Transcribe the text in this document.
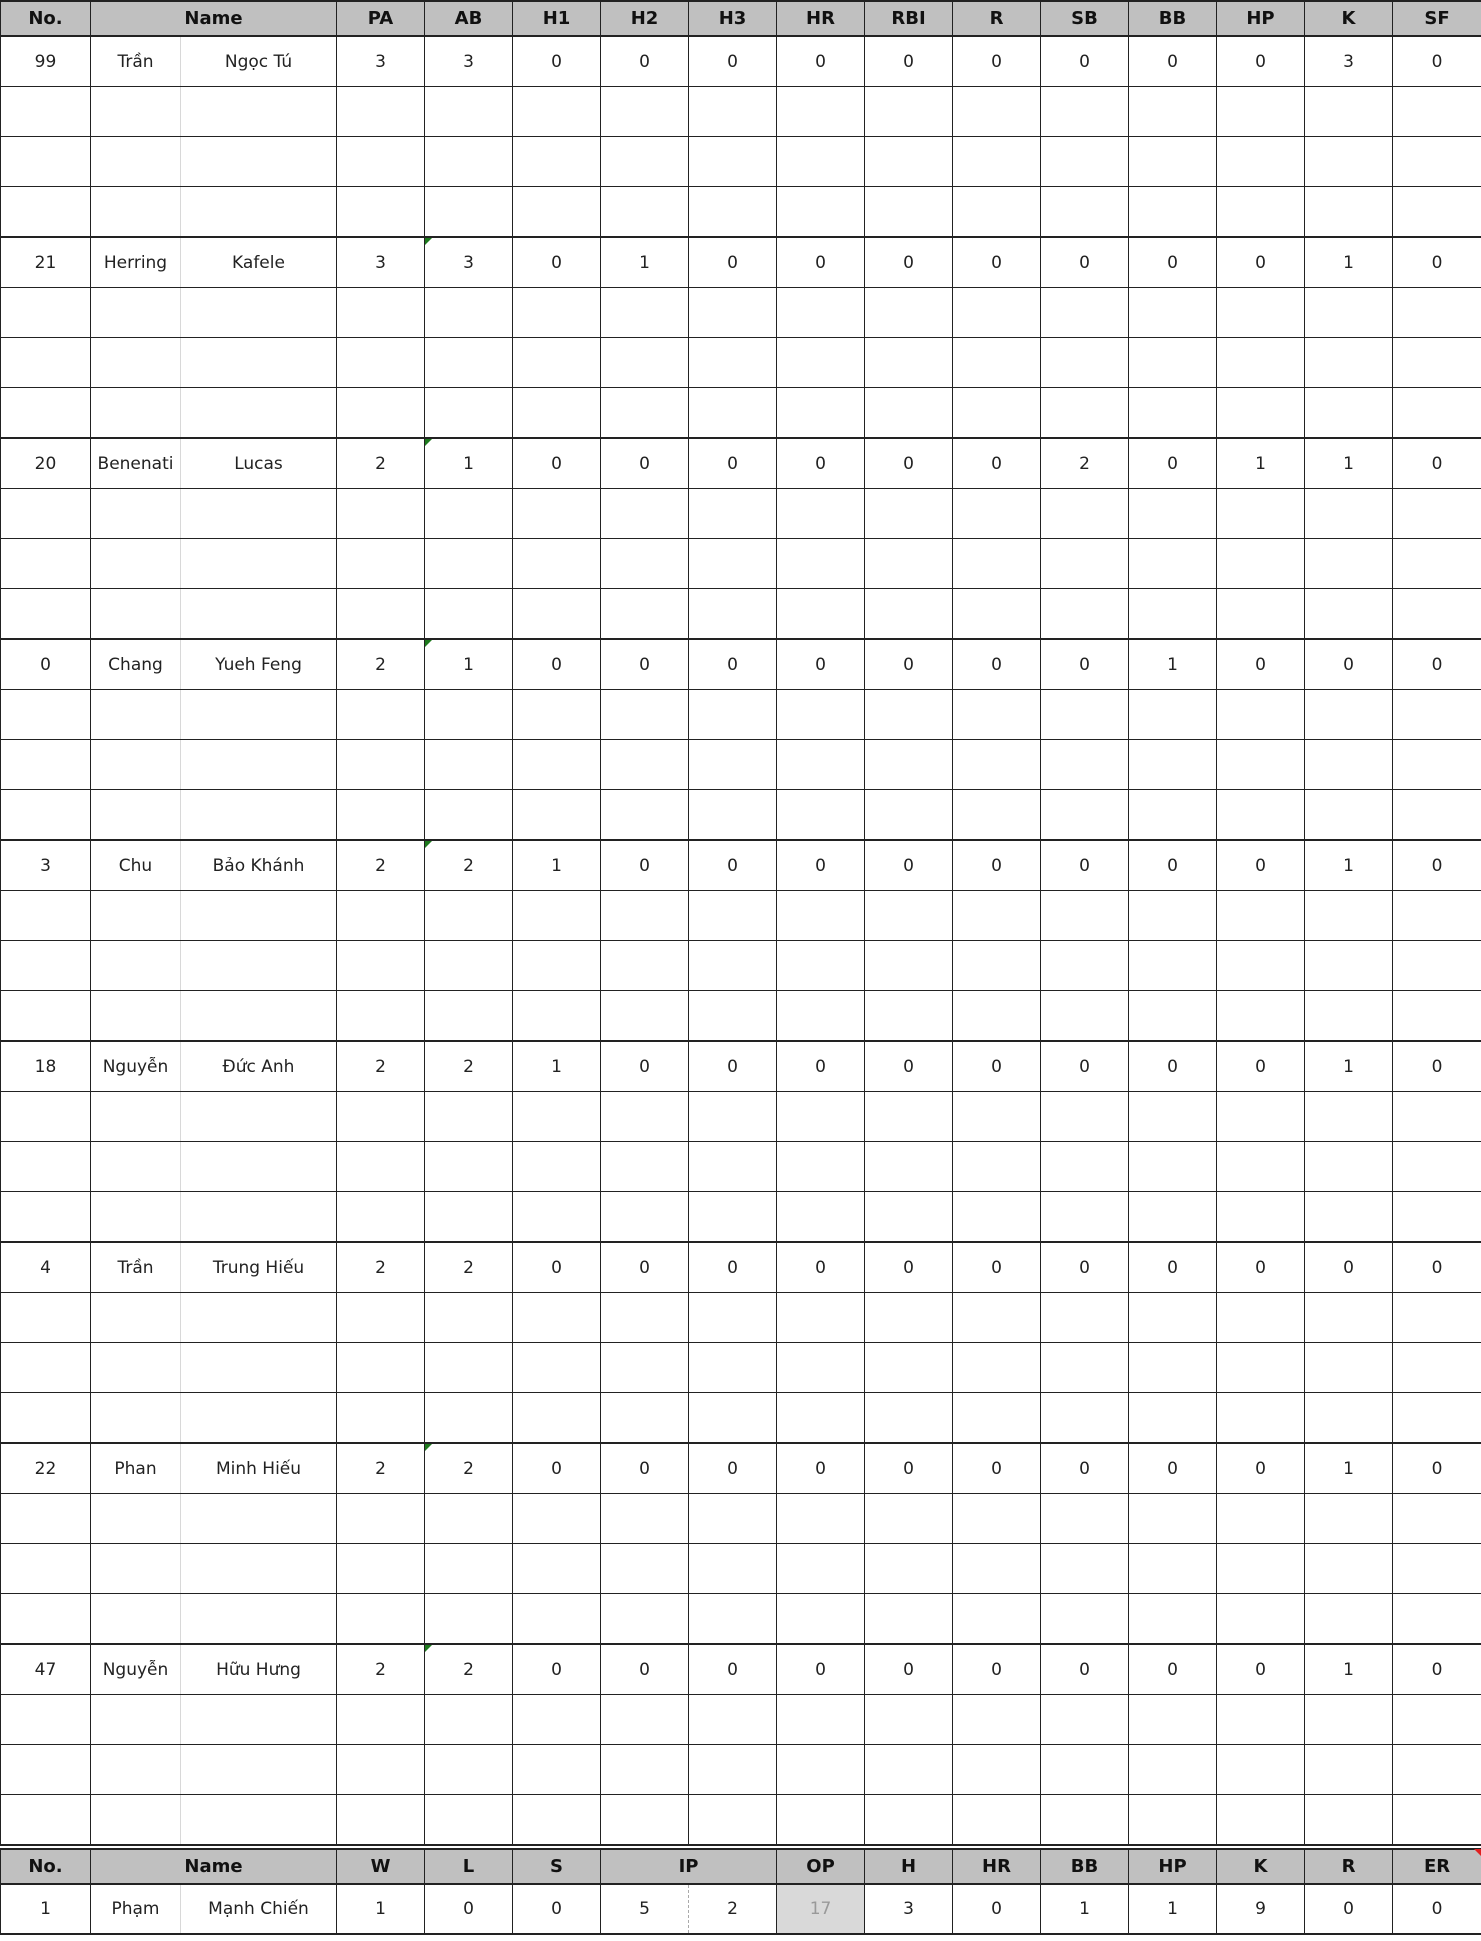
No.	Name		PA	AB	H1	H2	H3	HR	RBI	R	SB	BB	HP	K	SF
99	Trần	Ngọc Tú	3	3	0	0	0	0	0	0	0	0	0	3	0

21	Herring	Kafele	3	3	0	1	0	0	0	0	0	0	0	1	0

20	Benenati	Lucas	2	1	0	0	0	0	0	0	2	0	1	1	0

0	Chang	Yueh Feng	2	1	0	0	0	0	0	0	0	1	0	0	0

3	Chu	Bảo Khánh	2	2	1	0	0	0	0	0	0	0	0	1	0

18	Nguyễn	Đức Anh	2	2	1	0	0	0	0	0	0	0	0	1	0

4	Trần	Trung Hiếu	2	2	0	0	0	0	0	0	0	0	0	0	0

22	Phan	Minh Hiếu	2	2	0	0	0	0	0	0	0	0	0	1	0

47	Nguyễn	Hữu Hưng	2	2	0	0	0	0	0	0	0	0	0	1	0

No.	Name		W	L	S	IP		OP	H	HR	BB	HP	K	R	ER
1	Phạm	Mạnh Chiến	1	0	0	5	2	17	3	0	1	1	9	0	0
